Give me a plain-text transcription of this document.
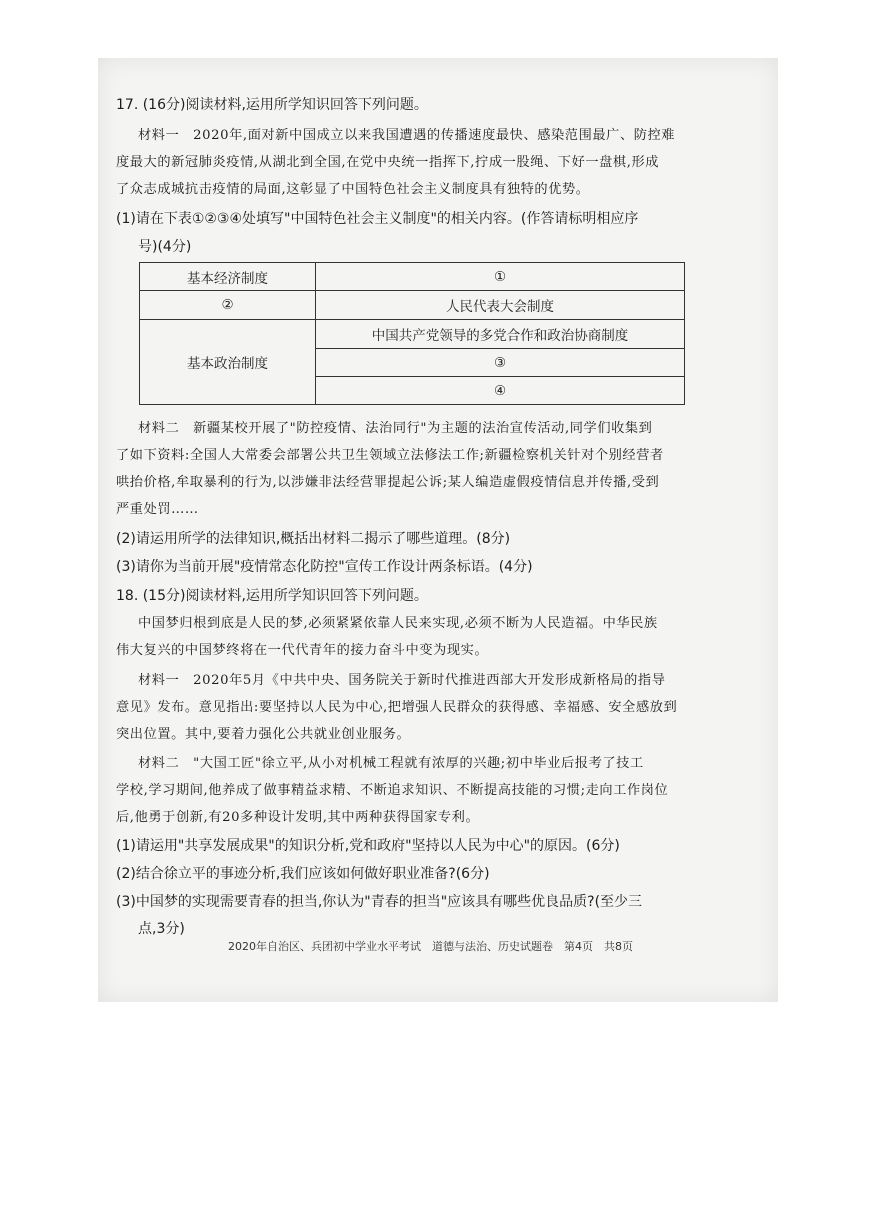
17. (16分)阅读材料,运用所学知识回答下列问题。
材料一　2020年,面对新中国成立以来我国遭遇的传播速度最快、感染范围最广、防控难
度最大的新冠肺炎疫情,从湖北到全国,在党中央统一指挥下,拧成一股绳、下好一盘棋,形成
了众志成城抗击疫情的局面,这彰显了中国特色社会主义制度具有独特的优势。
(1)请在下表①②③④处填写"中国特色社会主义制度"的相关内容。(作答请标明相应序
号)(4分)
基本经济制度	①
②	人民代表大会制度
基本政治制度	中国共产党领导的多党合作和政治协商制度
	③
	④
材料二　新疆某校开展了"防控疫情、法治同行"为主题的法治宣传活动,同学们收集到
了如下资料:全国人大常委会部署公共卫生领域立法修法工作;新疆检察机关针对个别经营者
哄抬价格,牟取暴利的行为,以涉嫌非法经营罪提起公诉;某人编造虚假疫情信息并传播,受到
严重处罚……
(2)请运用所学的法律知识,概括出材料二揭示了哪些道理。(8分)
(3)请你为当前开展"疫情常态化防控"宣传工作设计两条标语。(4分)
18. (15分)阅读材料,运用所学知识回答下列问题。
中国梦归根到底是人民的梦,必须紧紧依靠人民来实现,必须不断为人民造福。中华民族
伟大复兴的中国梦终将在一代代青年的接力奋斗中变为现实。
材料一　2020年5月《中共中央、国务院关于新时代推进西部大开发形成新格局的指导
意见》发布。意见指出:要坚持以人民为中心,把增强人民群众的获得感、幸福感、安全感放到
突出位置。其中,要着力强化公共就业创业服务。
材料二　"大国工匠"徐立平,从小对机械工程就有浓厚的兴趣;初中毕业后报考了技工
学校,学习期间,他养成了做事精益求精、不断追求知识、不断提高技能的习惯;走向工作岗位
后,他勇于创新,有20多种设计发明,其中两种获得国家专利。
(1)请运用"共享发展成果"的知识分析,党和政府"坚持以人民为中心"的原因。(6分)
(2)结合徐立平的事迹分析,我们应该如何做好职业准备?(6分)
(3)中国梦的实现需要青春的担当,你认为"青春的担当"应该具有哪些优良品质?(至少三
点,3分)
2020年自治区、兵团初中学业水平考试　道德与法治、历史试题卷　第4页　共8页
